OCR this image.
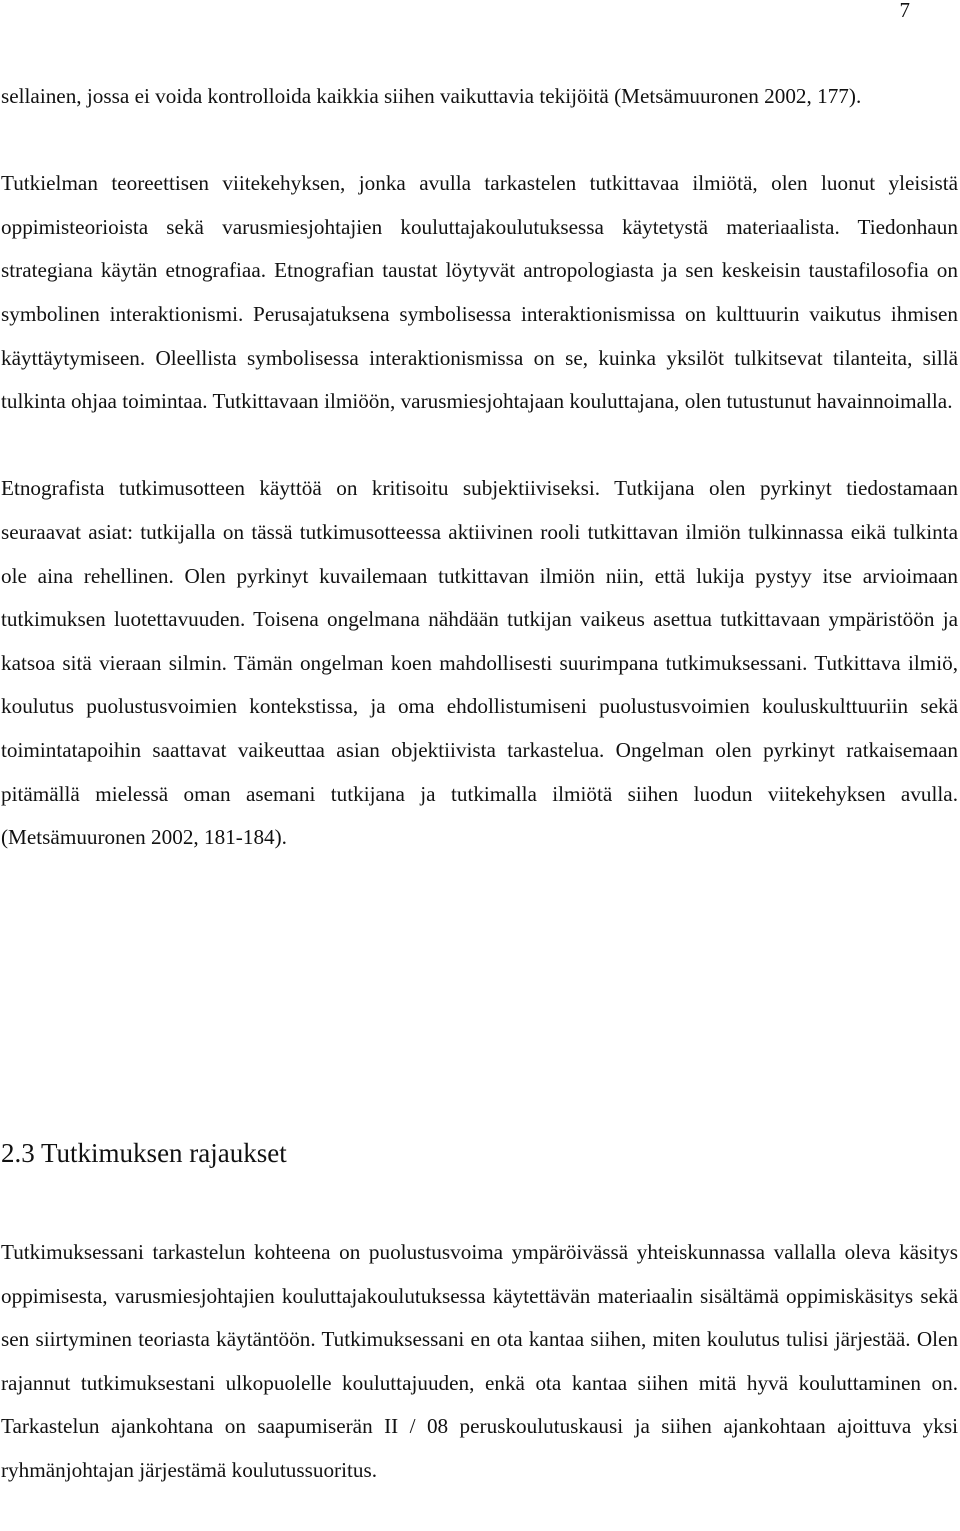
7

sellainen, jossa ei voida kontrolloida kaikkia siihen vaikuttavia tekijöitä (Metsämuuronen 2002, 177).

Tutkielman teoreettisen viitekehyksen, jonka avulla tarkastelen tutkittavaa ilmiötä, olen luonut yleisistä oppimisteorioista sekä varusmiesjohtajien kouluttajakoulutuksessa käytetystä materiaalista. Tiedonhaun strategiana käytän etnografiaa. Etnografian taustat löytyvät antropologiasta ja sen keskeisin taustafilosofia on symbolinen interaktionismi. Perusajatuksena symbolisessa interaktionismissa on kulttuurin vaikutus ihmisen käyttäytymiseen. Oleellista symbolisessa interaktionismissa on se, kuinka yksilöt tulkitsevat tilanteita, sillä tulkinta ohjaa toimintaa. Tutkittavaan ilmiöön, varusmiesjohtajaan kouluttajana, olen tutustunut havainnoimalla.

Etnografista tutkimusotteen käyttöä on kritisoitu subjektiiviseksi. Tutkijana olen pyrkinyt tiedostamaan seuraavat asiat: tutkijalla on tässä tutkimusotteessa aktiivinen rooli tutkittavan ilmiön tulkinnassa eikä tulkinta ole aina rehellinen. Olen pyrkinyt kuvailemaan tutkittavan ilmiön niin, että lukija pystyy itse arvioimaan tutkimuksen luotettavuuden. Toisena ongelmana nähdään tutkijan vaikeus asettua tutkittavaan ympäristöön ja katsoa sitä vieraan silmin. Tämän ongelman koen mahdollisesti suurimpana tutkimuksessani. Tutkittava ilmiö, koulutus puolustusvoimien kontekstissa, ja oma ehdollistumiseni puolustusvoimien kouluskulttuuriin sekä toimintatapoihin saattavat vaikeuttaa asian objektiivista tarkastelua. Ongelman olen pyrkinyt ratkaisemaan pitämällä mielessä oman asemani tutkijana ja tutkimalla ilmiötä siihen luodun viitekehyksen avulla. (Metsämuuronen 2002, 181-184).

2.3 Tutkimuksen rajaukset

Tutkimuksessani tarkastelun kohteena on puolustusvoima ympäröivässä yhteiskunnassa vallalla oleva käsitys oppimisesta, varusmiesjohtajien kouluttajakoulutuksessa käytettävän materiaalin sisältämä oppimiskäsitys sekä sen siirtyminen teoriasta käytäntöön. Tutkimuksessani en ota kantaa siihen, miten koulutus tulisi järjestää. Olen rajannut tutkimuksestani ulkopuolelle kouluttajuuden, enkä ota kantaa siihen mitä hyvä kouluttaminen on. Tarkastelun ajankohtana on saapumiserän II / 08 peruskoulutuskausi ja siihen ajankohtaan ajoittuva yksi ryhmänjohtajan järjestämä koulutussuoritus.
